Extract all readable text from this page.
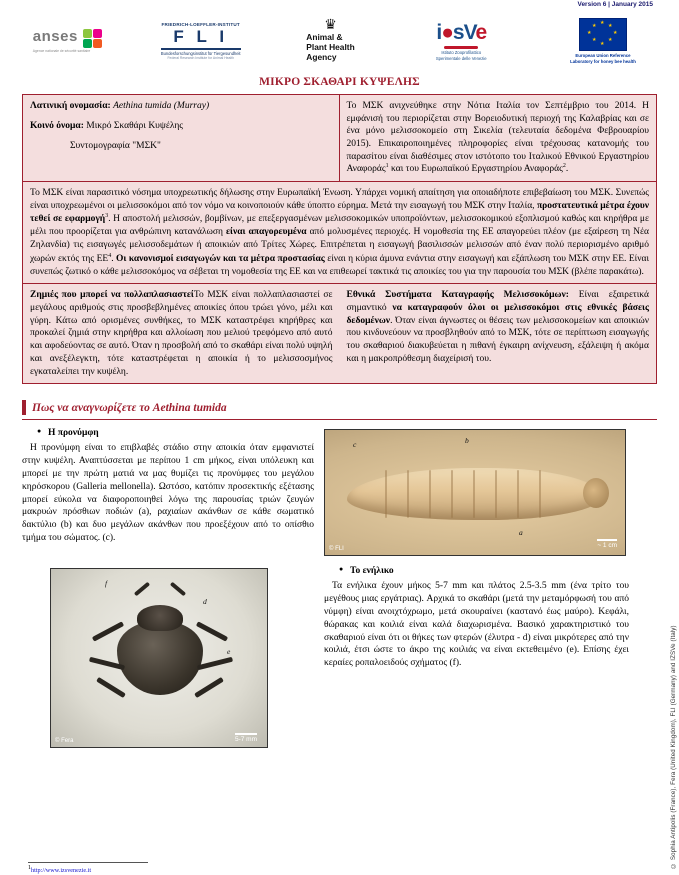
Version 6 | January 2015
anses
Agence nationale de sécurité sanitaire
FRIEDRICH-LOEFFLER-INSTITUT
F L I
Bundesforschungsinstitut für Tiergesundheit
Federal Research Institute for Animal Health
♛
Animal &
Plant Health
Agency
i●sVe
Istituto Zooprofilattico
Sperimentale delle Venezie
★
★
★
★
★
★
★
★
European Union Reference
Laboratory for honey bee health
ΜΙΚΡΟ ΣΚΑΘΑΡΙ ΚΥΨΕΛΗΣ

Λατινική ονομασία: Aethina tumida (Murray)

Κοινό όνομα: Μικρό Σκαθάρι Κυψέλης

Συντομογραφία "ΜΣΚ"

Το ΜΣΚ ανιχνεύθηκε στην Νότια Ιταλία τον Σεπτέμβριο του 2014. Η εμφάνισή του περιορίζεται στην Βορειοδυτική περιοχή της Καλαβρίας και σε ένα μόνο μελισσοκομείο στη Σικελία (τελευταία δεδομένα Φεβρουαρίου 2015). Επικαιροποιημένες πληροφορίες είναι τρέχουσας κατανομής του παρασίτου είναι διαθέσιμες στον ιστότοπο του Ιταλικού Εθνικού Εργαστηρίου Αναφοράς$^1$ και του Ευρωπαϊκού Εργαστηρίου Αναφοράς$^2$.

Το ΜΣΚ είναι παρασιτικό νόσημα υποχρεωτικής δήλωσης στην Ευρωπαϊκή Ένωση. Υπάρχει νομική απαίτηση για οποιαδήποτε επιβεβαίωση του ΜΣΚ. Συνεπώς είναι υποχρεωμένοι οι μελισσοκόμοι από τον νόμο να κοινοποιούν κάθε ύποπτο εύρημα. Μετά την εισαγωγή του ΜΣΚ στην Ιταλία, προστατευτικά μέτρα έχουν τεθεί σε εφαρμογή$^3$. Η αποστολή μελισσών, βομβίνων, με επεξεργασμένων μελισσοκομικών υποπροϊόντων, μελισσοκομικού εξοπλισμού καθώς και κηρήθρα με μέλι που προορίζεται για ανθρώπινη κατανάλωση είναι απαγορευμένα από μολυσμένες περιοχές. Η νομοθεσία της ΕΕ απαγορεύει πλέον (με εξαίρεση τη Νέα Ζηλανδία) τις εισαγωγές μελισσοδεμάτων ή αποικιών από Τρίτες Χώρες. Επιτρέπεται η εισαγωγή βασιλισσών μελισσών από έναν πολύ περιορισμένο αριθμό χωρών εκτός της $EE^4$. Οι κανονισμοί εισαγωγών και τα μέτρα προστασίας είναι η κύρια άμυνα ενάντια στην εισαγωγή και εξάπλωση του ΜΣΚ στην ΕΕ. Είναι συνεπώς ζωτικό ο κάθε μελισσοκόμος να σέβεται τη νομοθεσία της ΕΕ και να επιθεωρεί τακτικά τις αποικίες του για την παρουσία του ΜΣΚ (βλέπε παρακάτω).
Ζημιές που μπορεί να πολλαπλασιαστείΤο ΜΣΚ είναι πολλαπλασιαστεί σε μεγάλους αριθμούς στις προσβεβλημένες αποικίες όπου τρώει γόνο, μέλι και γύρη. Κάτω από ορισμένες συνθήκες, το ΜΣΚ καταστρέφει κηρήθρες και προκαλεί ζημιά στην κηρήθρα και αλλοίωση που μελιού τρεφόμενο από αυτό και αφοδεύοντας σε αυτό. Όταν η προσβολή από το σκαθάρι είναι πολύ υψηλή και ανεξέλεγκτη, τότε καταστρέφεται η αποικία ή το μελισσοσμήνος εγκαταλείπει την κυψέλη.
Εθνικά Συστήματα Καταγραφής Μελισσοκόμων: Είναι εξαιρετικά σημαντικό να καταγραφούν όλοι οι μελισσοκόμοι στις εθνικές βάσεις δεδομένων. Όταν είναι άγνωστες οι θέσεις των μελισσοκομείων και αποικιών που κινδυνεύουν να προσβληθούν από το ΜΣΚ, τότε σε περίπτωση εισαγωγής του σκαθαριού διακυβεύεται η πιθανή έγκαιρη ανίχνευση, εξάλειψη ή ακόμα και η μακροπρόθεσμη διαχείρισή του.
Πως να αναγνωρίζετε το Aethina tumida
● Η προνύμφη
Η προνύμφη είναι το επιβλαβές στάδιο στην αποικία όταν εμφανιστεί στην κυψέλη. Αναπτύσσεται με περίπου 1 cm μήκος, είναι υπόλευκη και μπορεί με την πρώτη ματιά να μας θυμίζει τις προνύμφες του μεγάλου κηρόσκορου (Galleria mellonella). Ωστόσο, κατόπιν προσεκτικής εξέτασης μπορεί εύκολα να διαφοροποιηθεί λόγω της παρουσίας τριών ζευγών μακρυών πρόσθιων ποδιών (a), ραχιαίων ακάνθων σε κάθε σωματικό δακτύλιο (b) και δυο μεγάλων ακάνθων που προεξέχουν από το οπίσθιο τμήμα του σώματος. (c).
c	b
a
© FLI	~ 1 cm
f
d
e
© Fera	5-7 mm
● Το ενήλικο
Τα ενήλικα έχουν μήκος 5-7 mm και πλάτος 2.5-3.5 mm (ένα τρίτο του μεγέθους μιας εργάτριας). Αρχικά το σκαθάρι (μετά την μεταμόρφωσή του από νύμφη) είναι ανοιχτόχρωμο, μετά σκουραίνει (καστανό έως μαύρο). Κεφάλι, θώρακας και κοιλιά είναι καλά διαχωρισμένα. Βασικό χαρακτηριστικό του σκαθαριού είναι ότι οι θήκες των φτερών (έλυτρα - d) είναι μικρότερες από την κοιλιά, έτσι ώστε το άκρο της κοιλιάς να είναι εκτεθειμένο (e). Επίσης έχει κεραίες ροπαλοειδούς σχήματος (f).
$^1$http://www.izsvenezie.it
© Sophia Antipolis (France), Fera (United Kingdom), FLI (Germany) and IZSVe (Italy)
